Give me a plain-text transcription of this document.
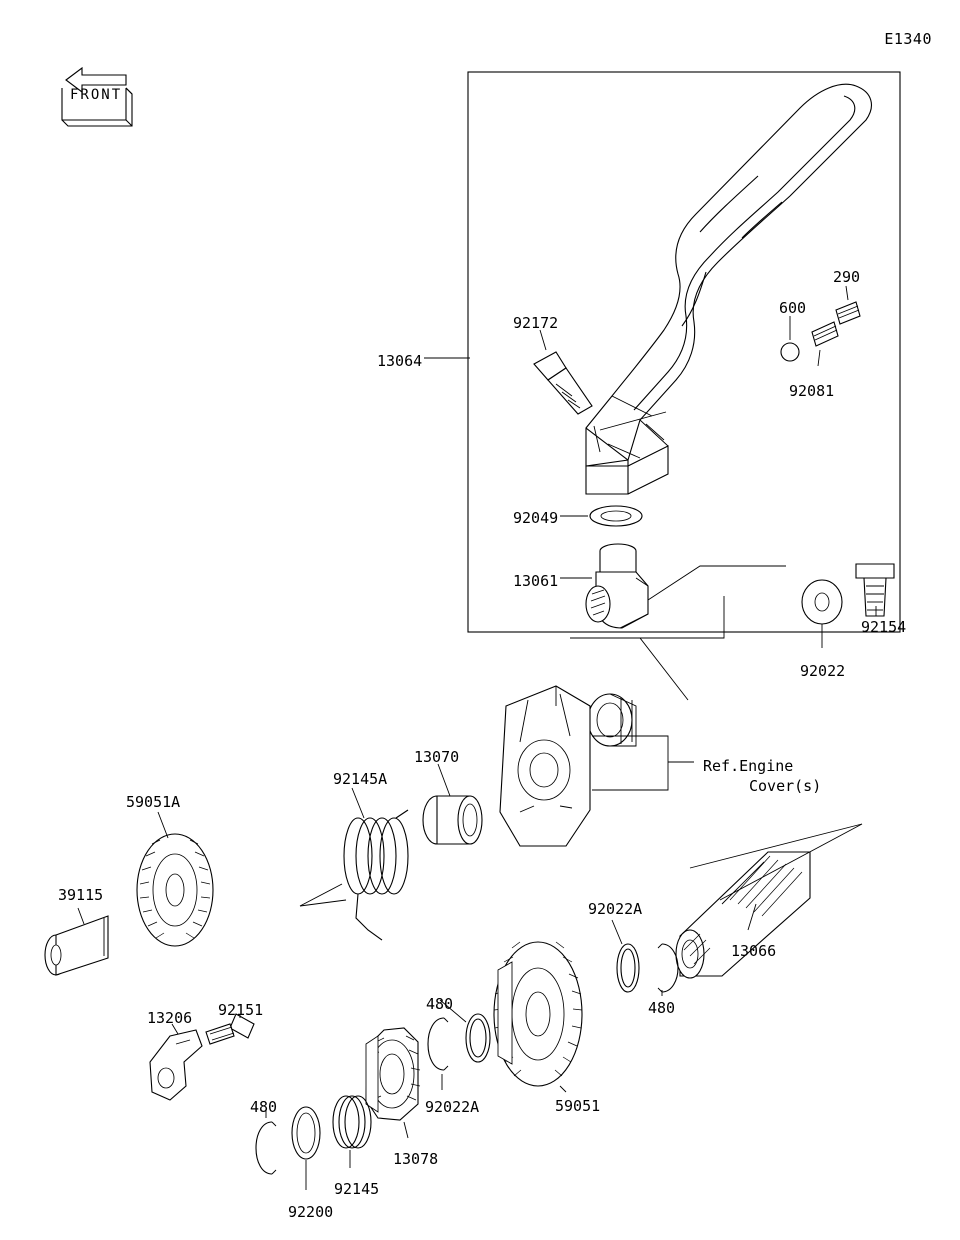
E1340
FRONT
13064
92172
600
290
92081
92049
13061
92154
92022
13070
92145A
59051A
39115
92151
13206
92022A
13066
480
480
480	59051
92022A
13078
92145
92200
Ref.Engine
Cover(s)
